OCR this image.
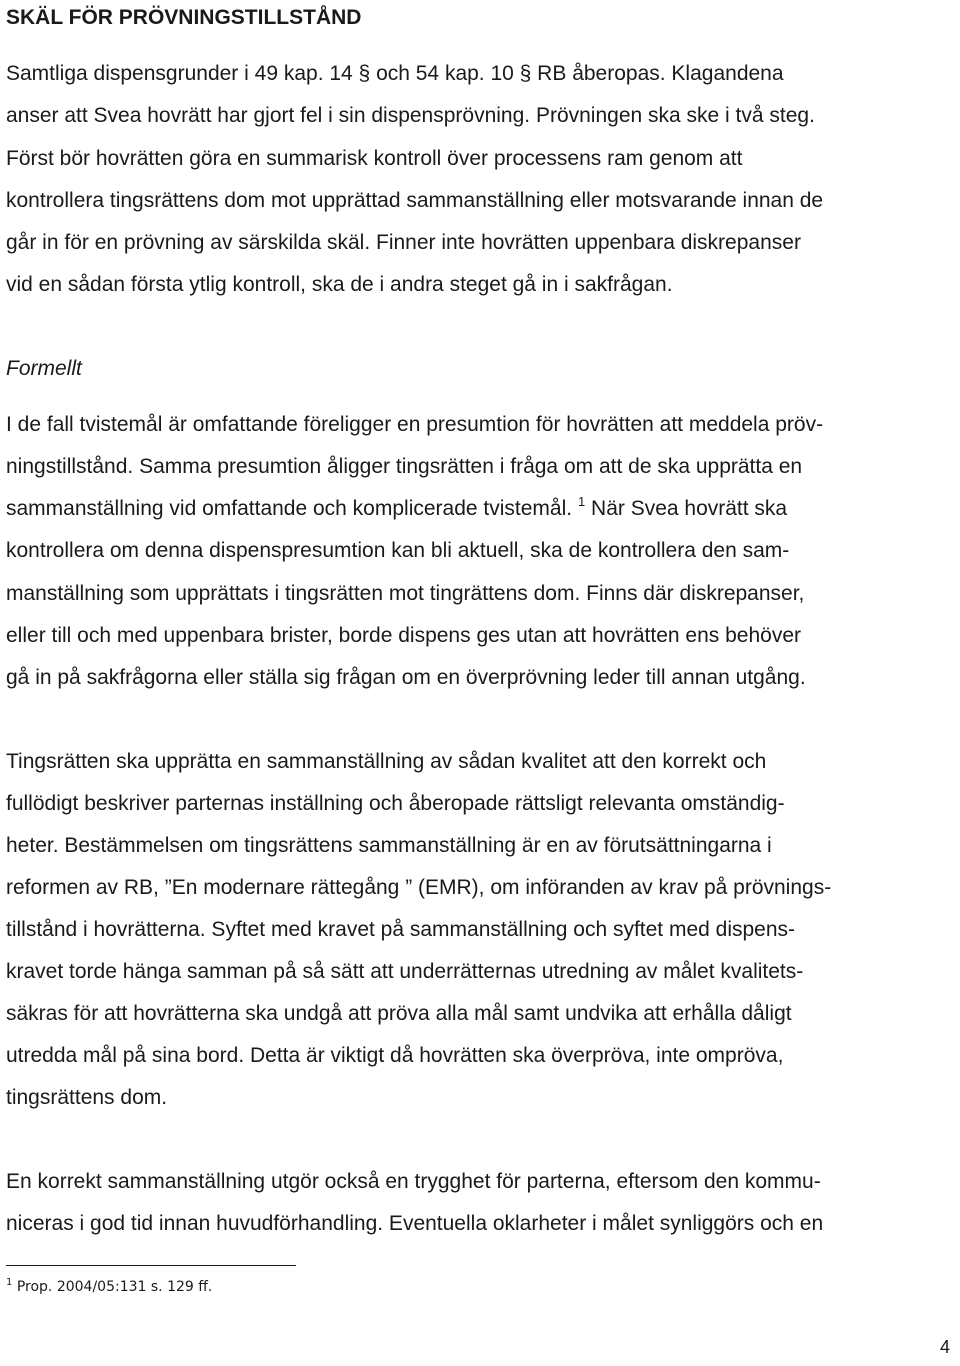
SKÄL FÖR PRÖVNINGSTILLSTÅND

Samtliga dispensgrunder i 49 kap. 14 § och 54 kap. 10 § RB åberopas. Klagandena

anser att Svea hovrätt har gjort fel i sin dispensprövning. Prövningen ska ske i två steg.

Först bör hovrätten göra en summarisk kontroll över processens ram genom att

kontrollera tingsrättens dom mot upprättad sammanställning eller motsvarande innan de

går in för en prövning av särskilda skäl. Finner inte hovrätten uppenbara diskrepanser

vid en sådan första ytlig kontroll, ska de i andra steget gå in i sakfrågan.

Formellt

I de fall tvistemål är omfattande föreligger en presumtion för hovrätten att meddela pröv-

ningstillstånd. Samma presumtion åligger tingsrätten i fråga om att de ska upprätta en

sammanställning vid omfattande och komplicerade tvistemål. $^1$ När Svea hovrätt ska

kontrollera om denna dispenspresumtion kan bli aktuell, ska de kontrollera den sam-

manställning som upprättats i tingsrätten mot tingrättens dom. Finns där diskrepanser,

eller till och med uppenbara brister, borde dispens ges utan att hovrätten ens behöver

gå in på sakfrågorna eller ställa sig frågan om en överprövning leder till annan utgång.

Tingsrätten ska upprätta en sammanställning av sådan kvalitet att den korrekt och

fullödigt beskriver parternas inställning och åberopade rättsligt relevanta omständig-

heter. Bestämmelsen om tingsrättens sammanställning är en av förutsättningarna i

reformen av RB, ”En modernare rättegång ” (EMR), om införanden av krav på prövnings-

tillstånd i hovrätterna. Syftet med kravet på sammanställning och syftet med dispens-

kravet torde hänga samman på så sätt att underrätternas utredning av målet kvalitets-

säkras för att hovrätterna ska undgå att pröva alla mål samt undvika att erhålla dåligt

utredda mål på sina bord. Detta är viktigt då hovrätten ska överpröva, inte ompröva,

tingsrättens dom.

En korrekt sammanställning utgör också en trygghet för parterna, eftersom den kommu-

niceras i god tid innan huvudförhandling. Eventuella oklarheter i målet synliggörs och en

$^1$ Prop. 2004/05:131 s. 129 ff.
4
